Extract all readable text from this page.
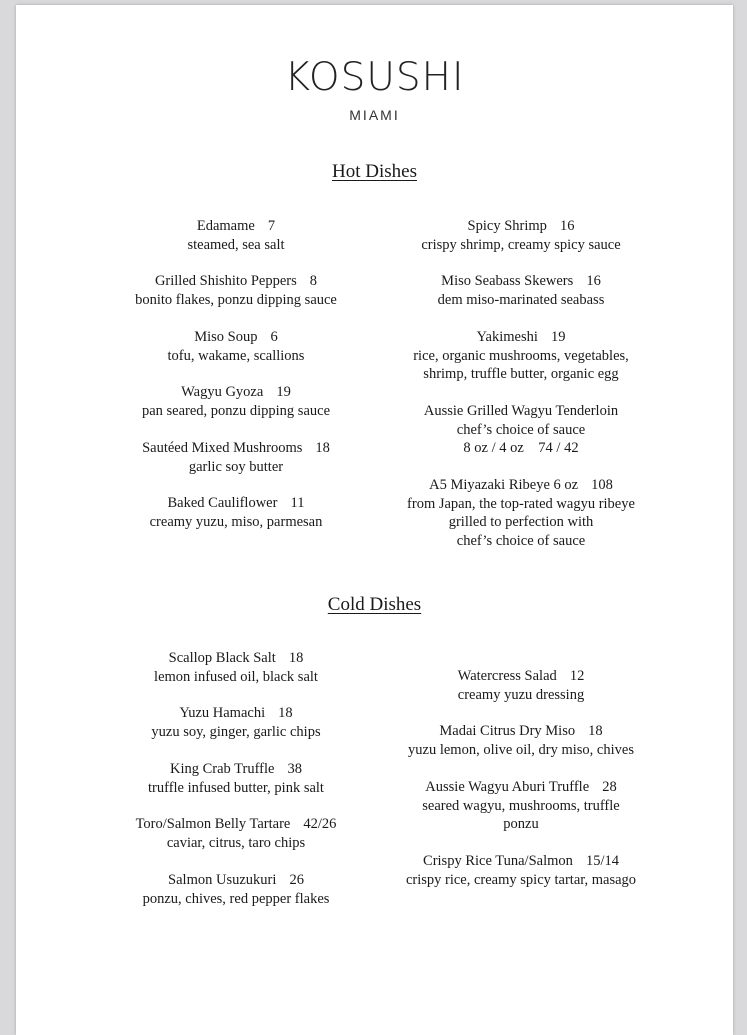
KOSUSHI
MIAMI
Hot Dishes
Edamame 7
steamed, sea salt
Grilled Shishito Peppers 8
bonito flakes, ponzu dipping sauce
Miso Soup 6
tofu, wakame, scallions
Wagyu Gyoza 19
pan seared, ponzu dipping sauce
Sautéed Mixed Mushrooms 18
garlic soy butter
Baked Cauliflower 11
creamy yuzu, miso, parmesan
Spicy Shrimp 16
crispy shrimp, creamy spicy sauce
Miso Seabass Skewers 16
dem miso-marinated seabass
Yakimeshi 19
rice, organic mushrooms, vegetables,
shrimp, truffle butter, organic egg
Aussie Grilled Wagyu Tenderloin
chef’s choice of sauce
8 oz / 4 oz    74 / 42
A5 Miyazaki Ribeye 6 oz 108
from Japan, the top-rated wagyu ribeye
grilled to perfection with
chef’s choice of sauce
Cold Dishes
Scallop Black Salt 18
lemon infused oil, black salt
Yuzu Hamachi 18
yuzu soy, ginger, garlic chips
King Crab Truffle 38
truffle infused butter, pink salt
Toro/Salmon Belly Tartare 42/26
caviar, citrus, taro chips
Salmon Usuzukuri 26
ponzu, chives, red pepper flakes
Watercress Salad 12
creamy yuzu dressing
Madai Citrus Dry Miso 18
yuzu lemon, olive oil, dry miso, chives
Aussie Wagyu Aburi Truffle 28
seared wagyu, mushrooms, truffle
ponzu
Crispy Rice Tuna/Salmon 15/14
crispy rice, creamy spicy tartar, masago
